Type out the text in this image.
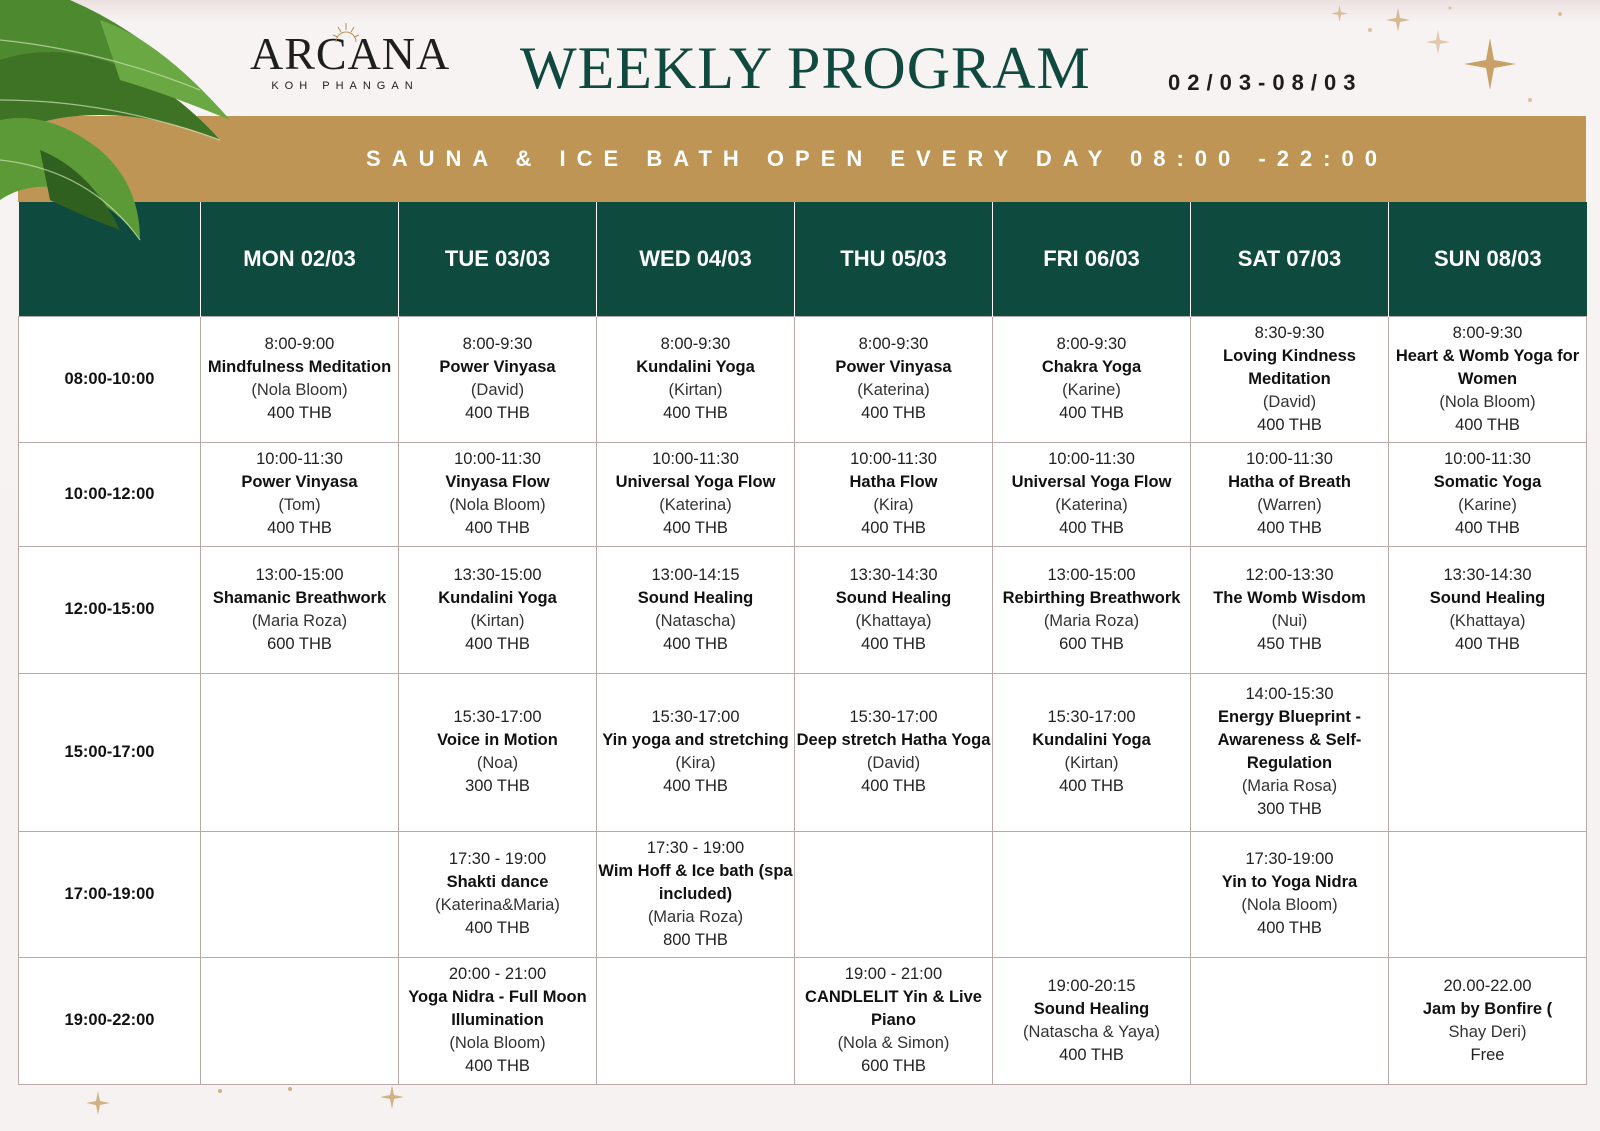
ARCANA
KOH PHANGAN	WEEKLY PROGRAM	02/03-08/03
SAUNA & ICE BATH OPEN EVERY DAY 08:00 -22:00
	MON 02/03	TUE 03/03	WED 04/03	THU 05/03	FRI 06/03	SAT 07/03	SUN 08/03
08:00-10:00	8:00-9:00
Mindfulness Meditation
(Nola Bloom)
400 THB	8:00-9:30
Power Vinyasa
(David)
400 THB	8:00-9:30
Kundalini Yoga
(Kirtan)
400 THB	8:00-9:30
Power Vinyasa
(Katerina)
400 THB	8:00-9:30
Chakra Yoga
(Karine)
400 THB	8:30-9:30
Loving Kindness Meditation
(David)
400 THB	8:00-9:30
Heart & Womb Yoga for Women
(Nola Bloom)
400 THB

10:00-12:00	10:00-11:30
Power Vinyasa
(Tom)
400 THB	10:00-11:30
Vinyasa Flow
(Nola Bloom)
400 THB	10:00-11:30
Universal Yoga Flow
(Katerina)
400 THB	10:00-11:30
Hatha Flow
(Kira)
400 THB	10:00-11:30
Universal Yoga Flow
(Katerina)
400 THB	10:00-11:30
Hatha of Breath
(Warren)
400 THB	10:00-11:30
Somatic Yoga
(Karine)
400 THB

12:00-15:00	13:00-15:00
Shamanic Breathwork
(Maria Roza)
600 THB	13:30-15:00
Kundalini Yoga
(Kirtan)
400 THB	13:00-14:15
Sound Healing
(Natascha)
400 THB	13:30-14:30
Sound Healing
(Khattaya)
400 THB	13:00-15:00
Rebirthing Breathwork
(Maria Roza)
600 THB	12:00-13:30
The Womb Wisdom
(Nui)
450 THB	13:30-14:30
Sound Healing
(Khattaya)
400 THB

15:00-17:00		15:30-17:00
Voice in Motion
(Noa)
300 THB	15:30-17:00
Yin yoga and stretching
(Kira)
400 THB	15:30-17:00
Deep stretch Hatha Yoga
(David)
400 THB	15:30-17:00
Kundalini Yoga
(Kirtan)
400 THB	14:00-15:30
Energy Blueprint - Awareness & Self-Regulation
(Maria Rosa)
300 THB	

17:00-19:00		17:30 - 19:00
Shakti dance
(Katerina&Maria)
400 THB	17:30 - 19:00
Wim Hoff & Ice bath (spa included)
(Maria Roza)
800 THB			17:30-19:00
Yin to Yoga Nidra
(Nola Bloom)
400 THB	

19:00-22:00		20:00 - 21:00
Yoga Nidra - Full Moon Illumination
(Nola Bloom)
400 THB		19:00 - 21:00
CANDLELIT Yin & Live Piano
(Nola & Simon)
600 THB	19:00-20:15
Sound Healing
(Natascha & Yaya)
400 THB		20.00-22.00
Jam by Bonfire (
Shay Deri)
Free
